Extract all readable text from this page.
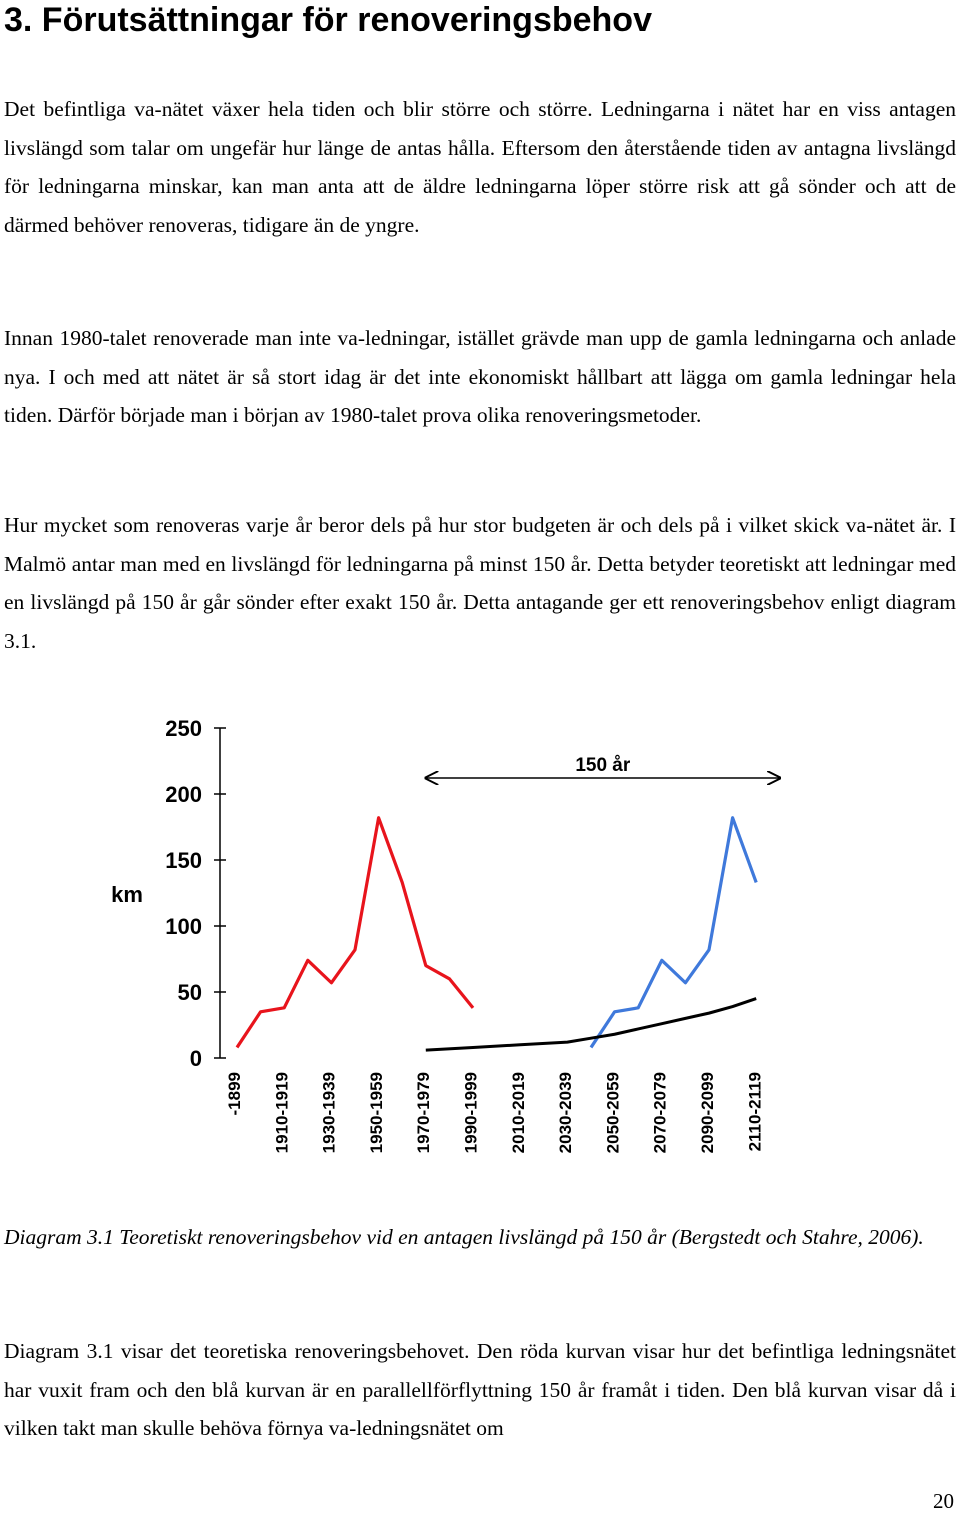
3. Förutsättningar för renoveringsbehov

Det befintliga va-nätet växer hela tiden och blir större och större. Ledningarna i nätet har en viss antagen livslängd som talar om ungefär hur länge de antas hålla. Eftersom den återstående tiden av antagna livslängd för ledningarna minskar, kan man anta att de äldre ledningarna löper större risk att gå sönder och att de därmed behöver renoveras, tidigare än de yngre.

Innan 1980-talet renoverade man inte va-ledningar, istället grävde man upp de gamla ledningarna och anlade nya. I och med att nätet är så stort idag är det inte ekonomiskt hållbart att lägga om gamla ledningar hela tiden. Därför började man i början av 1980-talet prova olika renoveringsmetoder.

Hur mycket som renoveras varje år beror dels på hur stor budgeten är och dels på i vilket skick va-nätet är. I Malmö antar man med en livslängd för ledningarna på minst 150 år. Detta betyder teoretiskt att ledningar med en livslängd på 150 år går sönder efter exakt 150 år. Detta antagande ger ett renoveringsbehov enligt diagram 3.1.

km
0
50
100
150
200
250
-1899 1910-1919 1930-1939 1950-1959 1970-1979 1990-1999 2010-2019 2030-2039 2050-2059 2070-2079 2090-2099 2110-2119
150 år

Diagram 3.1 Teoretiskt renoveringsbehov vid en antagen livslängd på 150 år (Bergstedt och Stahre, 2006).

Diagram 3.1 visar det teoretiska renoveringsbehovet. Den röda kurvan visar hur det befintliga ledningsnätet har vuxit fram och den blå kurvan är en parallellförflyttning 150 år framåt i tiden. Den blå kurvan visar då i vilken takt man skulle behöva förnya va-ledningsnätet om

20
